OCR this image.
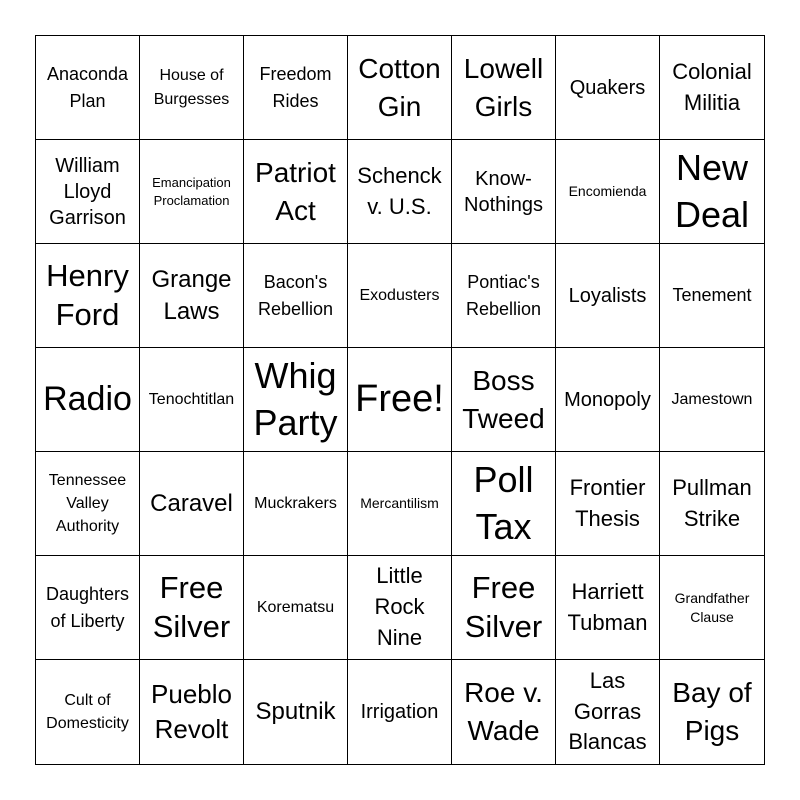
Anaconda Plan
House of Burgesses
Freedom Rides
Cotton Gin
Lowell Girls
Quakers
Colonial Militia
William Lloyd Garrison
Emancipation Proclamation
Patriot Act
Schenck v. U.S.
Know-Nothings
Encomienda
New Deal
Henry Ford
Grange Laws
Bacon's Rebellion
Exodusters
Pontiac's Rebellion
Loyalists Tenement
Radio Tenochtitlan
Whig Party
Free!	Boss Tweed
Monopoly Jamestown
Tennessee Valley Authority
Caravel Muckrakers Mercantilism
Poll Tax
Frontier Thesis
Pullman Strike
Daughters of Liberty
Free Silver
Korematsu
Little Rock Nine
Free Silver
Harriett Tubman
Grandfather Clause
Cult of Domesticity
Pueblo Revolt
Sputnik Irrigation
Roe v. Wade
Las Gorras Blancas
Bay of Pigs
